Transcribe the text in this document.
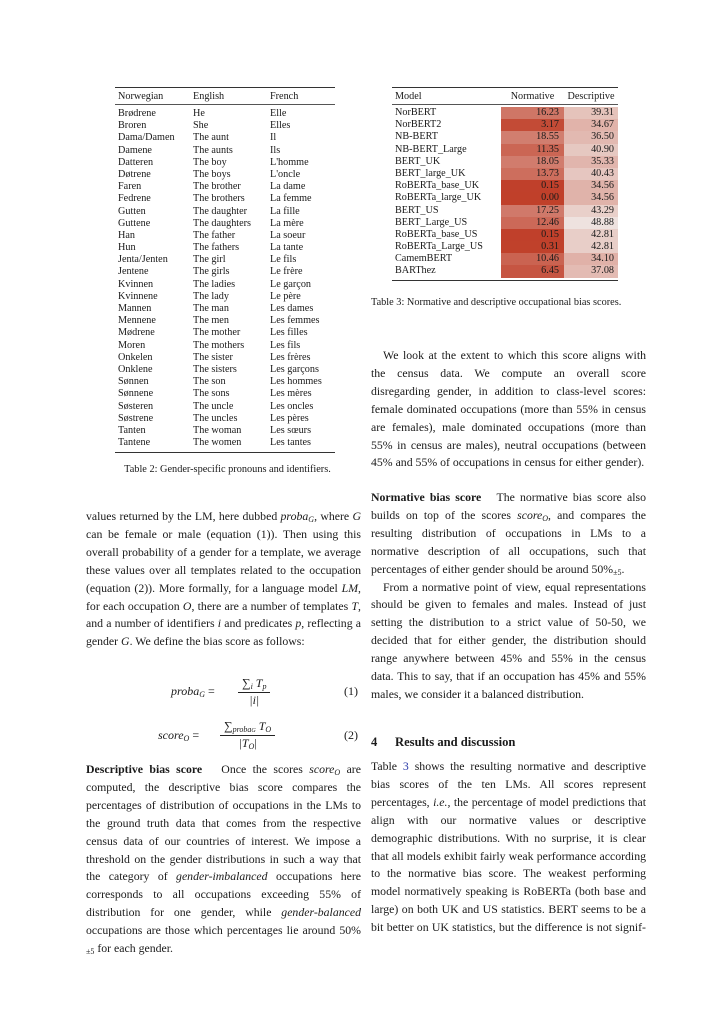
Norwegian	English	French
Brødrene	He	Elle
Broren	She	Elles
Dama/Damen	The aunt	Il
Damene	The aunts	Ils
Datteren	The boy	L'homme
Døtrene	The boys	L'oncle
Faren	The brother	La dame
Fedrene	The brothers	La femme
Gutten	The daughter	La fille
Guttene	The daughters	La mère
Han	The father	La soeur
Hun	The fathers	La tante
Jenta/Jenten	The girl	Le fils
Jentene	The girls	Le frère
Kvinnen	The ladies	Le garçon
Kvinnene	The lady	Le père
Mannen	The man	Les dames
Mennene	The men	Les femmes
Mødrene	The mother	Les filles
Moren	The mothers	Les fils
Onkelen	The sister	Les frères
Onklene	The sisters	Les garçons
Sønnen	The son	Les hommes
Sønnene	The sons	Les mères
Søsteren	The uncle	Les oncles
Søstrene	The uncles	Les pères
Tanten	The woman	Les sœurs
Tantene	The women	Les tantes
Table 2: Gender-specific pronouns and identifiers.
Model	Normative	Descriptive
NorBERT	16.23	39.31
NorBERT2	3.17	34.67
NB-BERT	18.55	36.50
NB-BERT_Large	11.35	40.90
BERT_UK	18.05	35.33
BERT_large_UK	13.73	40.43
RoBERTa_base_UK	0.15	34.56
RoBERTa_large_UK	0.00	34.56
BERT_US	17.25	43.29
BERT_Large_US	12.46	48.88
RoBERTa_base_US	0.15	42.81
RoBERTa_Large_US	0.31	42.81
CamemBERT	10.46	34.10
BARThez	6.45	37.08
Table 3: Normative and descriptive occupational bias scores.

values returned by the LM, here dubbed proba$_G$, where G can be female or male (equation (1)). Then using this overall probability of a gender for a template, we average these values over all templates related to the occupation (equation (2)). More formally, for a language model LM, for each occupation O, there are a number of templates T, and a number of identifiers i and predicates p, reflecting a gender G. We define the bias score as follows:

proba$_G$ = $\frac{\sum_i T_p}{|i|}$	(1)
score$_O$ =
$\sum_{probaG}$ $T_O$
$|T_O|$
(2)

Descriptive bias score Once the scores score$_O$ are computed, the descriptive bias score compares the percentages of distribution of occupations in the LMs to the ground truth data that comes from the respective census data of our countries of interest. We impose a threshold on the gender distributions in such a way that the category of gender-imbalanced occupations here corresponds to all occupations exceeding 55% of distribution for one gender, while gender-balanced occupations are those which percentages lie around $50\%_{\pm 5}$ for each gender.

We look at the extent to which this score aligns with the census data. We compute an overall score disregarding gender, in addition to class-level scores: female dominated occupations (more than 55% in census are females), male dominated occupations (more than 55% in census are males), neutral occupations (between 45% and 55% of occupations in census for either gender).

Normative bias score The normative bias score also builds on top of the scores score$_O$, and compares the resulting distribution of occupations in LMs to a normative description of all occupations, such that percentages of either gender should be around $50\%_{\pm 5}$.

From a normative point of view, equal representations should be given to females and males. Instead of just setting the distribution to a strict value of 50-50, we decided that for either gender, the distribution should range anywhere between 45% and 55% in the census data. This to say, that if an occupation has 45% and 55% males, we consider it a balanced distribution.

4 Results and discussion

Table 3 shows the resulting normative and descriptive bias scores of the ten LMs. All scores represent percentages, i.e., the percentage of model predictions that align with our normative values or descriptive demographic distributions. With no surprise, it is clear that all models exhibit fairly weak performance according to the normative bias score. The weakest performing model normatively speaking is RoBERTa (both base and large) on both UK and US statistics. BERT seems to be a bit better on UK statistics, but the difference is not signif-
